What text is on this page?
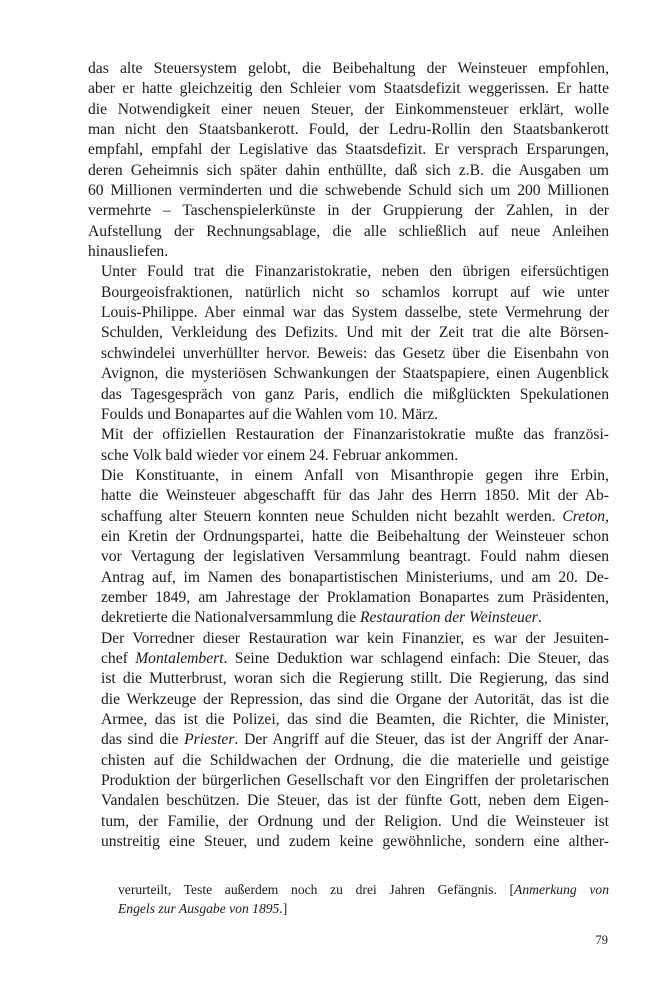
das alte Steuersystem gelobt, die Beibehaltung der Weinsteuer empfohlen,
aber er hatte gleichzeitig den Schleier vom Staatsdefizit weggerissen. Er hatte
die Notwendigkeit einer neuen Steuer, der Einkommensteuer erklärt, wolle
man nicht den Staatsbankerott. Fould, der Ledru-Rollin den Staatsbankerott
empfahl, empfahl der Legislative das Staatsdefizit. Er versprach Ersparungen,
deren Geheimnis sich später dahin enthüllte, daß sich z.B. die Ausgaben um
60 Millionen verminderten und die schwebende Schuld sich um 200 Millionen
vermehrte – Taschenspielerkünste in der Gruppierung der Zahlen, in der
Aufstellung der Rechnungsablage, die alle schließlich auf neue Anleihen
hinausliefen.

Unter Fould trat die Finanzaristokratie, neben den übrigen eifersüchtigen
Bourgeoisfraktionen, natürlich nicht so schamlos korrupt auf wie unter
Louis-Philippe. Aber einmal war das System dasselbe, stete Vermehrung der
Schulden, Verkleidung des Defizits. Und mit der Zeit trat die alte Börsen-
schwindelei unverhüllter hervor. Beweis: das Gesetz über die Eisenbahn von
Avignon, die mysteriösen Schwankungen der Staatspapiere, einen Augenblick
das Tagesgespräch von ganz Paris, endlich die mißglückten Spekulationen
Foulds und Bonapartes auf die Wahlen vom 10. März.

Mit der offiziellen Restauration der Finanzaristokratie mußte das französi-
sche Volk bald wieder vor einem 24. Februar ankommen.

Die Konstituante, in einem Anfall von Misanthropie gegen ihre Erbin,
hatte die Weinsteuer abgeschafft für das Jahr des Herrn 1850. Mit der Ab-
schaffung alter Steuern konnten neue Schulden nicht bezahlt werden. Creton,
ein Kretin der Ordnungspartei, hatte die Beibehaltung der Weinsteuer schon
vor Vertagung der legislativen Versammlung beantragt. Fould nahm diesen
Antrag auf, im Namen des bonapartistischen Ministeriums, und am 20. De-
zember 1849, am Jahrestage der Proklamation Bonapartes zum Präsidenten,
dekretierte die Nationalversammlung die Restauration der Weinsteuer.

Der Vorredner dieser Restauration war kein Finanzier, es war der Jesuiten-
chef Montalembert. Seine Deduktion war schlagend einfach: Die Steuer, das
ist die Mutterbrust, woran sich die Regierung stillt. Die Regierung, das sind
die Werkzeuge der Repression, das sind die Organe der Autorität, das ist die
Armee, das ist die Polizei, das sind die Beamten, die Richter, die Minister,
das sind die Priester. Der Angriff auf die Steuer, das ist der Angriff der Anar-
chisten auf die Schildwachen der Ordnung, die die materielle und geistige
Produktion der bürgerlichen Gesellschaft vor den Eingriffen der proletarischen
Vandalen beschützen. Die Steuer, das ist der fünfte Gott, neben dem Eigen-
tum, der Familie, der Ordnung und der Religion. Und die Weinsteuer ist
unstreitig eine Steuer, und zudem keine gewöhnliche, sondern eine alther-

verurteilt, Teste außerdem noch zu drei Jahren Gefängnis. [Anmerkung von
Engels zur Ausgabe von 1895.]
79
